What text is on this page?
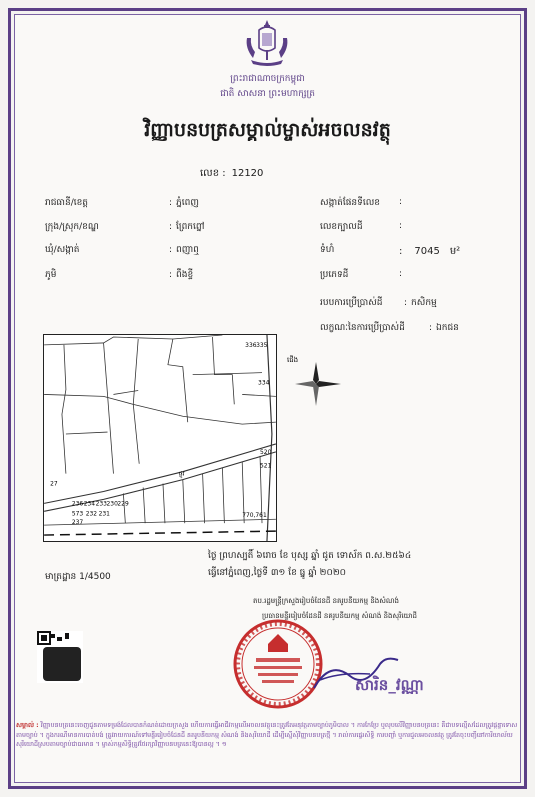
ព្រះរាជាណាចក្រកម្ពុជា
ជាតិ សាសនា ព្រះមហាក្សត្រ
វិញ្ញាបនបត្រសម្គាល់ម្ចាស់អចលនវត្ថុ
លេខ : 12120
រាជធានី/ខេត្ត	: ភ្នំពេញ
ក្រុង/ស្រុក/ខណ្ឌ	: ព្រែកព្នៅ
ឃុំ/សង្កាត់	: ពញាឮ
ភូមិ	: ពឹងខ្ទី
សង្កាត់ផែនទីលេខ	:
លេខក្បាលដី	:
ទំហំ	: 7045 ម²
ប្រភេទដី	:
របបការប្រើប្រាស់ដី	: កសិកម្ម
លក្ខណៈនៃការប្រើប្រាស់ដី	: ឯកជន
336 335
334
520
521
236 234 233 230 229
573 232 231
237
27
ផ្លូវ
770,761
ជើង
ថ្ងៃ ព្រហស្បតិ៍ ៦រោច ខែ បុស្ស ឆ្នាំ ជូត ទោស័ក ព.ស.២៥៦៤
ធ្វើនៅភ្នំពេញ,ថ្ងៃទី ៣១ ខែ ធ្នូ ឆ្នាំ ២០២០
មាត្រដ្ឋាន 1/4500
តប.រដ្ឋមន្ត្រីក្រសួងរៀបចំដែនដី នគរូបនីយកម្ម និងសំណង់
ប្រធានមន្ទីររៀបចំដែនដី នគរូបនីយកម្ម សំណង់ និងសុរិយោដី
សារិន_វណ្ណា
សម្គាល់ : វិញ្ញាបនបត្រនេះចេញជូនតាមទម្រង់ដែលបានកំណត់ដោយក្រសួង ហើយការធ្វើអាជីវកម្មលើអចលនវត្ថុនេះត្រូវតែអនុវត្តតាមច្បាប់ភូមិបាល ។ ការកែប្រែ ឬលុបលើវិញ្ញាបនបត្រនេះ គឺជាបទល្មើសដែលត្រូវផ្តន្ទាទោសតាមច្បាប់ ។ ក្នុងករណីមានការបាត់បង់ ត្រូវរាយការណ៍ទៅមន្ទីររៀបចំដែនដី នគរូបនីយកម្ម សំណង់ និងសុរិយោដី ដើម្បីស្នើសុំវិញ្ញាបនបត្រថ្មី ។ រាល់ការផ្ទេរសិទ្ធិ ការបញ្ចាំ ឬការជួលអចលនវត្ថុ ត្រូវតែចុះបញ្ជីនៅការិយាល័យសុរិយោដីស្របតាមច្បាប់ជាធរមាន ។ ម្ចាស់កម្មសិទ្ធិត្រូវថែរក្សាវិញ្ញាបនបត្រនេះឱ្យបានល្អ ។ ១
